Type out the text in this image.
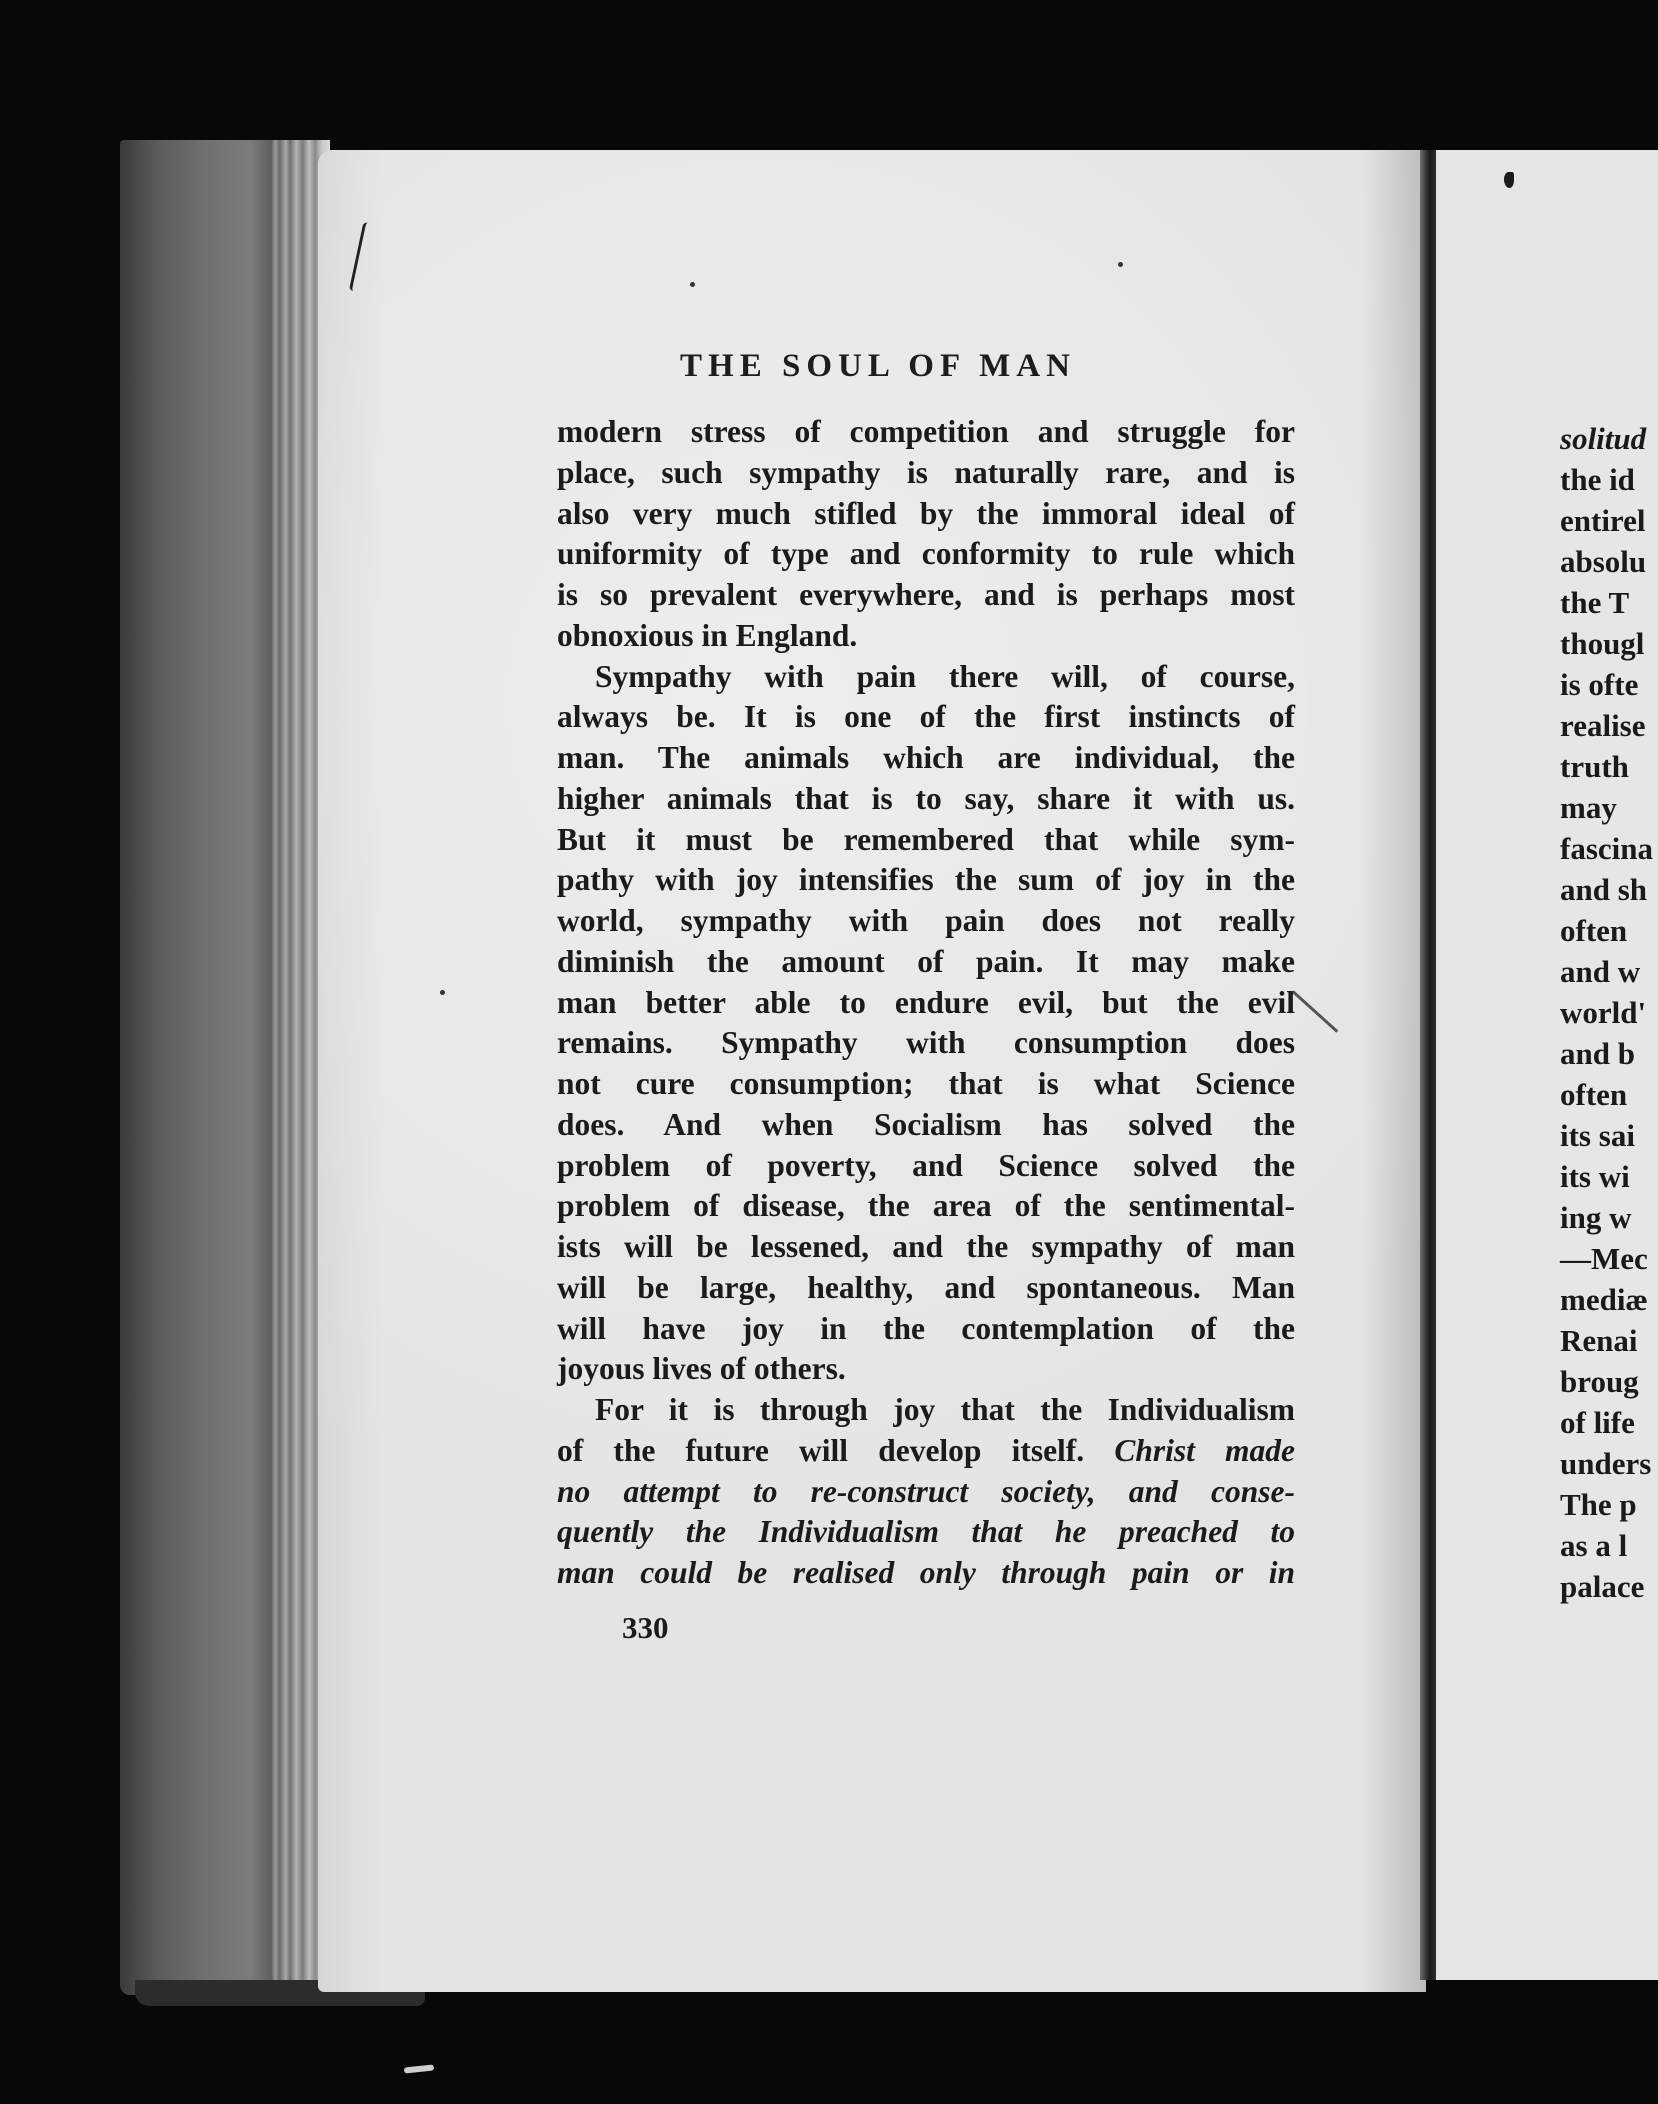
solitud
the id
entirel
absolu
the T
thougl
is ofte
realise
truth
may
fascina
and sh
often
and w
world'
and b
often
its sai
its wi
ing w
—Mec
mediæ
Renai
broug
of life
unders
The p
as a l
palace
THE SOUL OF MAN
modern stress of competition and struggle for
place, such sympathy is naturally rare, and is
also very much stifled by the immoral ideal of
uniformity of type and conformity to rule which
is so prevalent everywhere, and is perhaps most
obnoxious in England.
Sympathy with pain there will, of course,
always be. It is one of the first instincts of
man. The animals which are individual, the
higher animals that is to say, share it with us.
But it must be remembered that while sym-
pathy with joy intensifies the sum of joy in the
world, sympathy with pain does not really
diminish the amount of pain. It may make
man better able to endure evil, but the evil
remains. Sympathy with consumption does
not cure consumption; that is what Science
does. And when Socialism has solved the
problem of poverty, and Science solved the
problem of disease, the area of the sentimental-
ists will be lessened, and the sympathy of man
will be large, healthy, and spontaneous. Man
will have joy in the contemplation of the
joyous lives of others.
For it is through joy that the Individualism
of the future will develop itself. Christ made
no attempt to re-construct society, and conse-
quently the Individualism that he preached to
man could be realised only through pain or in
330
